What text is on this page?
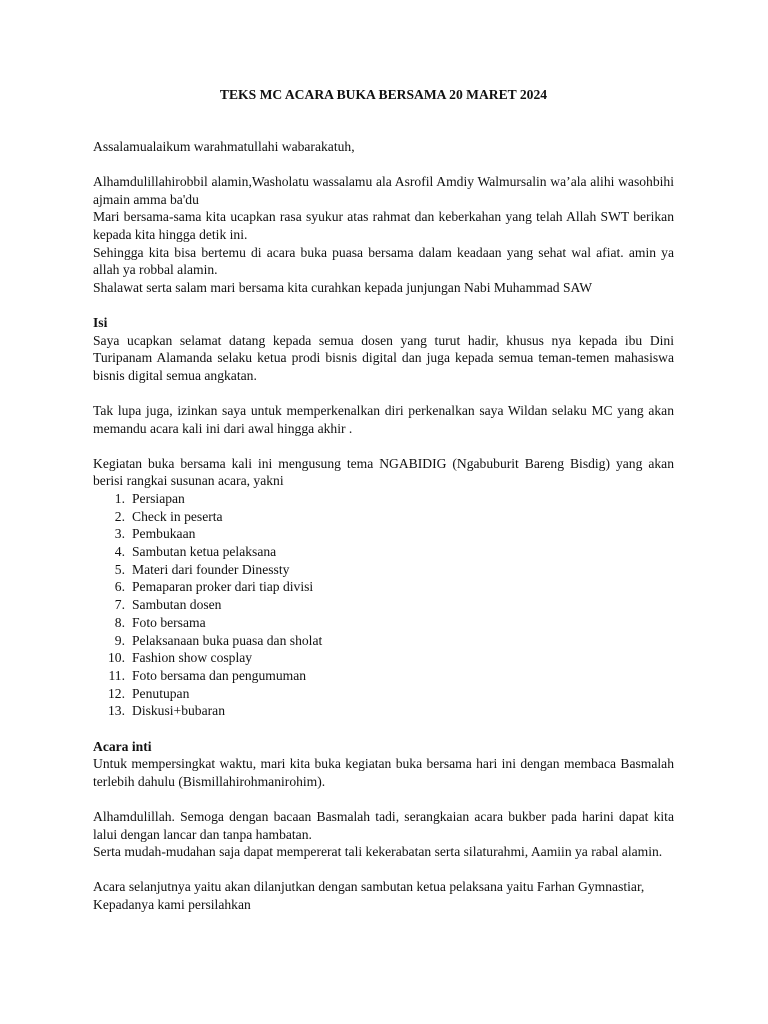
TEKS MC ACARA BUKA BERSAMA 20 MARET 2024

Assalamualaikum warahmatullahi wabarakatuh,

Alhamdulillahirobbil alamin,Washolatu wassalamu ala Asrofil Amdiy Walmursalin wa’ala alihi wasohbihi ajmain amma ba'du

Mari bersama-sama kita ucapkan rasa syukur atas rahmat dan keberkahan yang telah Allah SWT berikan kepada kita hingga detik ini.

Sehingga kita bisa bertemu di acara buka puasa bersama dalam keadaan yang sehat wal afiat. amin ya allah ya robbal alamin.

Shalawat serta salam mari bersama kita curahkan kepada junjungan Nabi Muhammad SAW

Isi

Saya ucapkan selamat datang kepada semua dosen yang turut hadir, khusus nya kepada ibu Dini Turipanam Alamanda selaku ketua prodi bisnis digital dan juga kepada semua teman-temen mahasiswa bisnis digital semua angkatan.

Tak lupa juga, izinkan saya untuk memperkenalkan diri perkenalkan saya Wildan selaku MC yang akan memandu acara kali ini dari awal hingga akhir .

Kegiatan buka bersama kali ini mengusung tema NGABIDIG (Ngabuburit Bareng Bisdig) yang akan berisi rangkai susunan acara, yakni

1. Persiapan
2. Check in peserta
3. Pembukaan
4. Sambutan ketua pelaksana
5. Materi dari founder Dinessty
6. Pemaparan proker dari tiap divisi
7. Sambutan dosen
8. Foto bersama
9. Pelaksanaan buka puasa dan sholat
10. Fashion show cosplay
11. Foto bersama dan pengumuman
12. Penutupan
13. Diskusi+bubaran

Acara inti

Untuk mempersingkat waktu, mari kita buka kegiatan buka bersama hari ini dengan membaca Basmalah terlebih dahulu (Bismillahirohmanirohim).

Alhamdulillah. Semoga dengan bacaan Basmalah tadi, serangkaian acara bukber pada harini dapat kita lalui dengan lancar dan tanpa hambatan.

Serta mudah-mudahan saja dapat mempererat tali kekerabatan serta silaturahmi, Aamiin ya rabal alamin.

Acara selanjutnya yaitu akan dilanjutkan dengan sambutan ketua pelaksana yaitu Farhan Gymnastiar,

Kepadanya kami persilahkan
